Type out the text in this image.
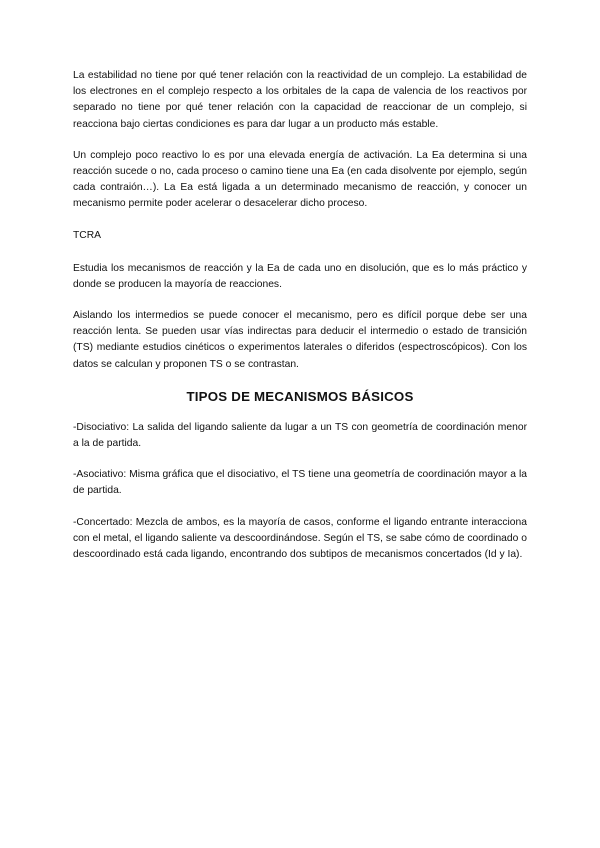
La estabilidad no tiene por qué tener relación con la reactividad de un complejo. La estabilidad de los electrones en el complejo respecto a los orbitales de la capa de valencia de los reactivos por separado no tiene por qué tener relación con la capacidad de reaccionar de un complejo, si reacciona bajo ciertas condiciones es para dar lugar a un producto más estable.

Un complejo poco reactivo lo es por una elevada energía de activación. La Ea determina si una reacción sucede o no, cada proceso o camino tiene una Ea (en cada disolvente por ejemplo, según cada contraión…). La Ea está ligada a un determinado mecanismo de reacción, y conocer un mecanismo permite poder acelerar o desacelerar dicho proceso.

TCRA

Estudia los mecanismos de reacción y la Ea de cada uno en disolución, que es lo más práctico y donde se producen la mayoría de reacciones.

Aislando los intermedios se puede conocer el mecanismo, pero es difícil porque debe ser una reacción lenta. Se pueden usar vías indirectas para deducir el intermedio o estado de transición (TS) mediante estudios cinéticos o experimentos laterales o diferidos (espectroscópicos). Con los datos se calculan y proponen TS o se contrastan.

TIPOS DE MECANISMOS BÁSICOS

-Disociativo: La salida del ligando saliente da lugar a un TS con geometría de coordinación menor a la de partida.

-Asociativo: Misma gráfica que el disociativo, el TS tiene una geometría de coordinación mayor a la de partida.

-Concertado: Mezcla de ambos, es la mayoría de casos, conforme el ligando entrante interacciona con el metal, el ligando saliente va descoordinándose. Según el TS, se sabe cómo de coordinado o descoordinado está cada ligando, encontrando dos subtipos de mecanismos concertados (Id y Ia).
